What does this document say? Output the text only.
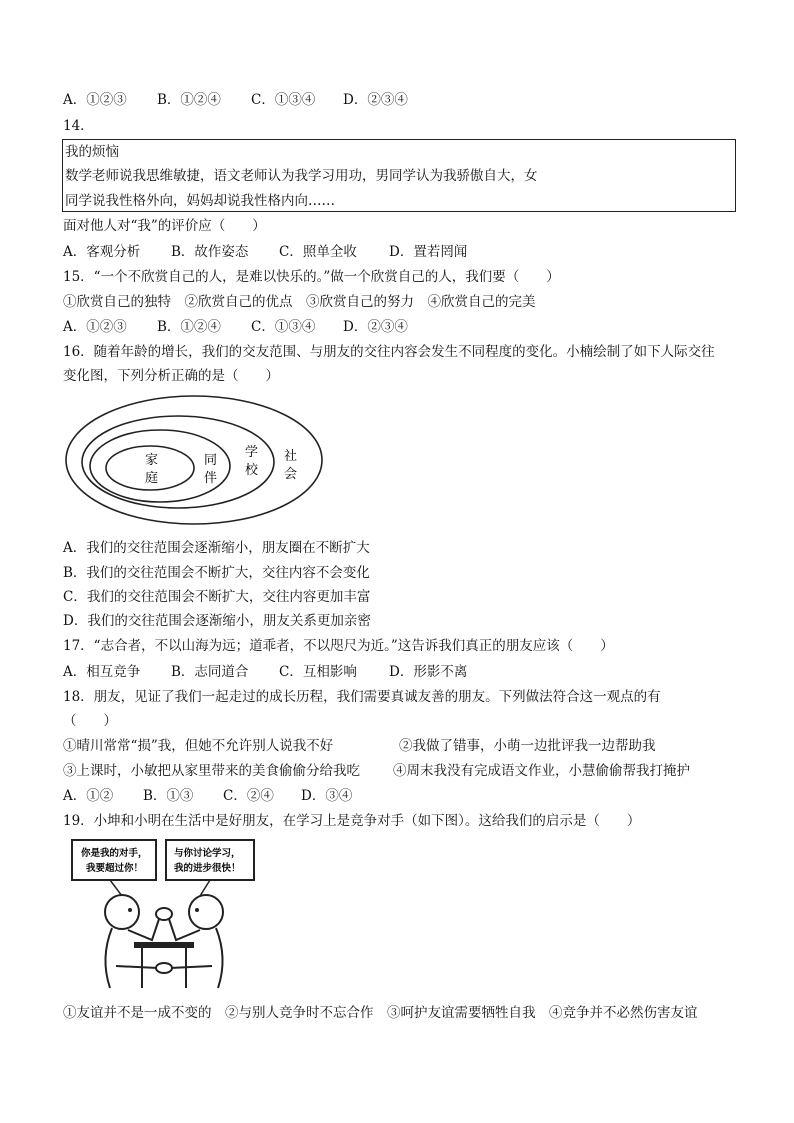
A．①②③ B．①②④ C．①③④ D．②③④
14．
我的烦恼
数学老师说我思维敏捷，语文老师认为我学习用功，男同学认为我骄傲自大，女
同学说我性格外向，妈妈却说我性格内向……
面对他人对“我”的评价应（　　）
A．客观分析 B．故作姿态 C．照单全收 D．置若罔闻
15．“一个不欣赏自己的人，是难以快乐的。”做一个欣赏自己的人，我们要（　　）
①欣赏自己的独特　②欣赏自己的优点　③欣赏自己的努力　④欣赏自己的完美
A．①②③ B．①②④ C．①③④ D．②③④
16．随着年龄的增长，我们的交友范围、与朋友的交往内容会发生不同程度的变化。小楠绘制了如下人际交往
变化图，下列分析正确的是（　　）
家
庭
同
伴
学
校
社
会
A．我们的交往范围会逐渐缩小，朋友圈在不断扩大
B．我们的交往范围会不断扩大，交往内容不会变化
C．我们的交往范围会不断扩大，交往内容更加丰富
D．我们的交往范围会逐渐缩小，朋友关系更加亲密
17．“志合者，不以山海为远；道乖者，不以咫尺为近。”这告诉我们真正的朋友应该（　　）
A．相互竞争 B．志同道合 C．互相影响 D．形影不离
18．朋友，见证了我们一起走过的成长历程，我们需要真诚友善的朋友。下列做法符合这一观点的有
（　　）
①晴川常常“损”我，但她不允许别人说我不好	②我做了错事，小萌一边批评我一边帮助我
③上课时，小敏把从家里带来的美食偷偷分给我吃 ④周末我没有完成语文作业，小慧偷偷帮我打掩护
A．①② B．①③ C．②④ D．③④
19．小坤和小明在生活中是好朋友，在学习上是竞争对手（如下图）。这给我们的启示是（　　）
你是我的对手，
我要超过你！
与你讨论学习，
我的进步很快！
①友谊并不是一成不变的　②与别人竞争时不忘合作　③呵护友谊需要牺牲自我　④竞争并不必然伤害友谊
